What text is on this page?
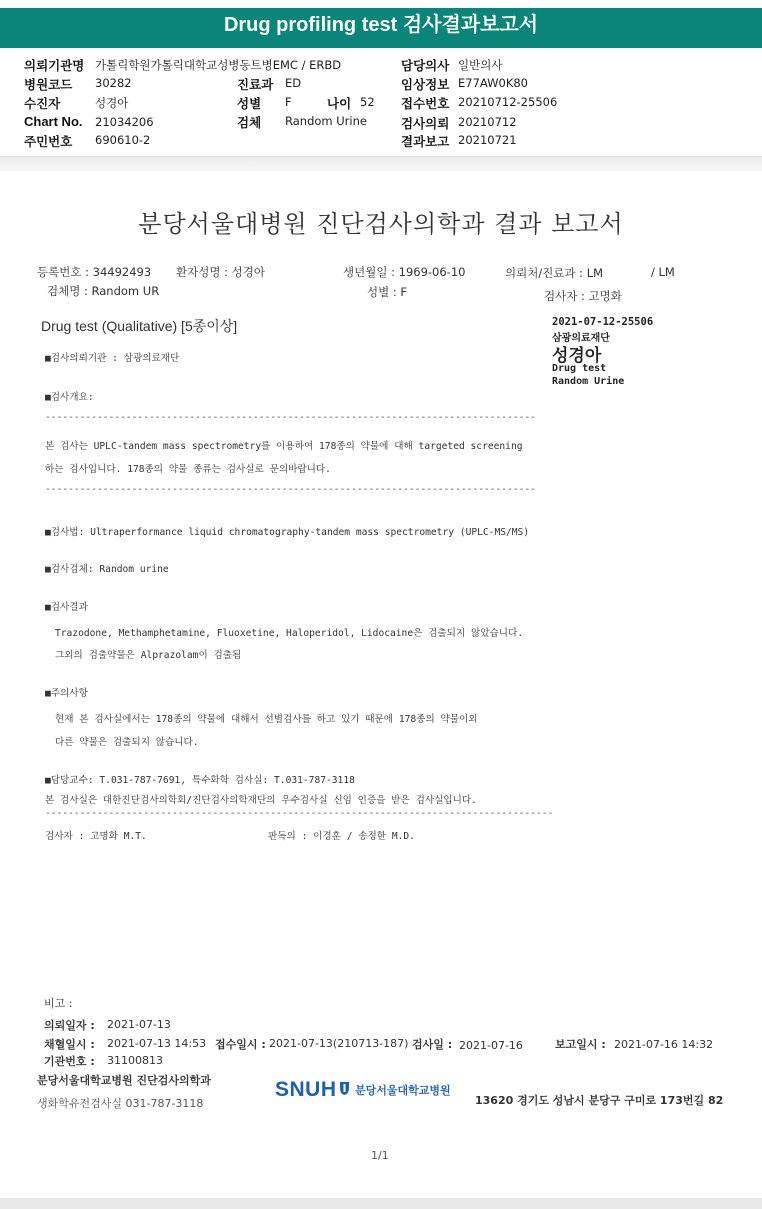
Drug profiling test 검사결과보고서
의뢰기관명 가톨릭학원가톨릭대학교성병동트병EMC / ERBD	담당의사 일반의사
병원코드 30282	진료과 ED	임상정보 E77AW0K80
수진자	성경아	성별 F	나이 52 접수번호 20210712-25506
Chart No. 21034206	검체 Random Urine	검사의뢰 20210712
주민번호 690610-2	결과보고 20210721
분당서울대병원 진단검사의학과 결과 보고서
등록번호 : 34492493 환자성명 : 성경아	생년월일 : 1969-06-10	의뢰처/진료과 : LM	/ LM
검체명 : Random UR	성별 : F	검사자 : 고명화
Drug test (Qualitative) [5종이상]	2021-07-12-25506
삼광의료재단
성경아
Drug test
Random Urine
■검사의뢰기관 : 삼광의료재단
■검사개요:
-------------------------------------------------------------------------------------
본 검사는 UPLC-tandem mass spectrometry를 이용하여 178종의 약물에 대해 targeted screening
하는 검사입니다. 178종의 약물 종류는 검사실로 문의바랍니다.
-------------------------------------------------------------------------------------
■검사법: Ultraperformance liquid chromatography-tandem mass spectrometry (UPLC-MS/MS)
■검사검체: Random urine
■검사결과
Trazodone, Methamphetamine, Fluoxetine, Haloperidol, Lidocaine은 검출되지 않았습니다.
그외의 검출약물은 Alprazolam이 검출됨
■주의사항
현재 본 검사실에서는 178종의 약물에 대해서 선별검사를 하고 있기 때문에 178종의 약물이외
다른 약물은 검출되지 않습니다.
■담당교수: T.031-787-7691, 특수화학 검사실: T.031-787-3118
본 검사실은 대한진단검사의학회/진단검사의학재단의 우수검사실 신임 인증을 받은 검사실입니다.
----------------------------------------------------------------------------------------
검사자 : 고명화 M.T.	판독의 : 이경훈 / 송정한 M.D.
비고 :
의뢰일자 : 2021-07-13
채혈일시 : 2021-07-13 14:53 접수일시 : 2021-07-13(210713-187) 검사일 : 2021-07-16	보고일시 : 2021-07-16 14:32
기관번호 : 31100813
분당서울대학교병원 진단검사의학과
생화학유전검사실 031-787-3118
SNUH 분당서울대학교병원
13620 경기도 성남시 분당구 구미로 173번길 82
1/1
